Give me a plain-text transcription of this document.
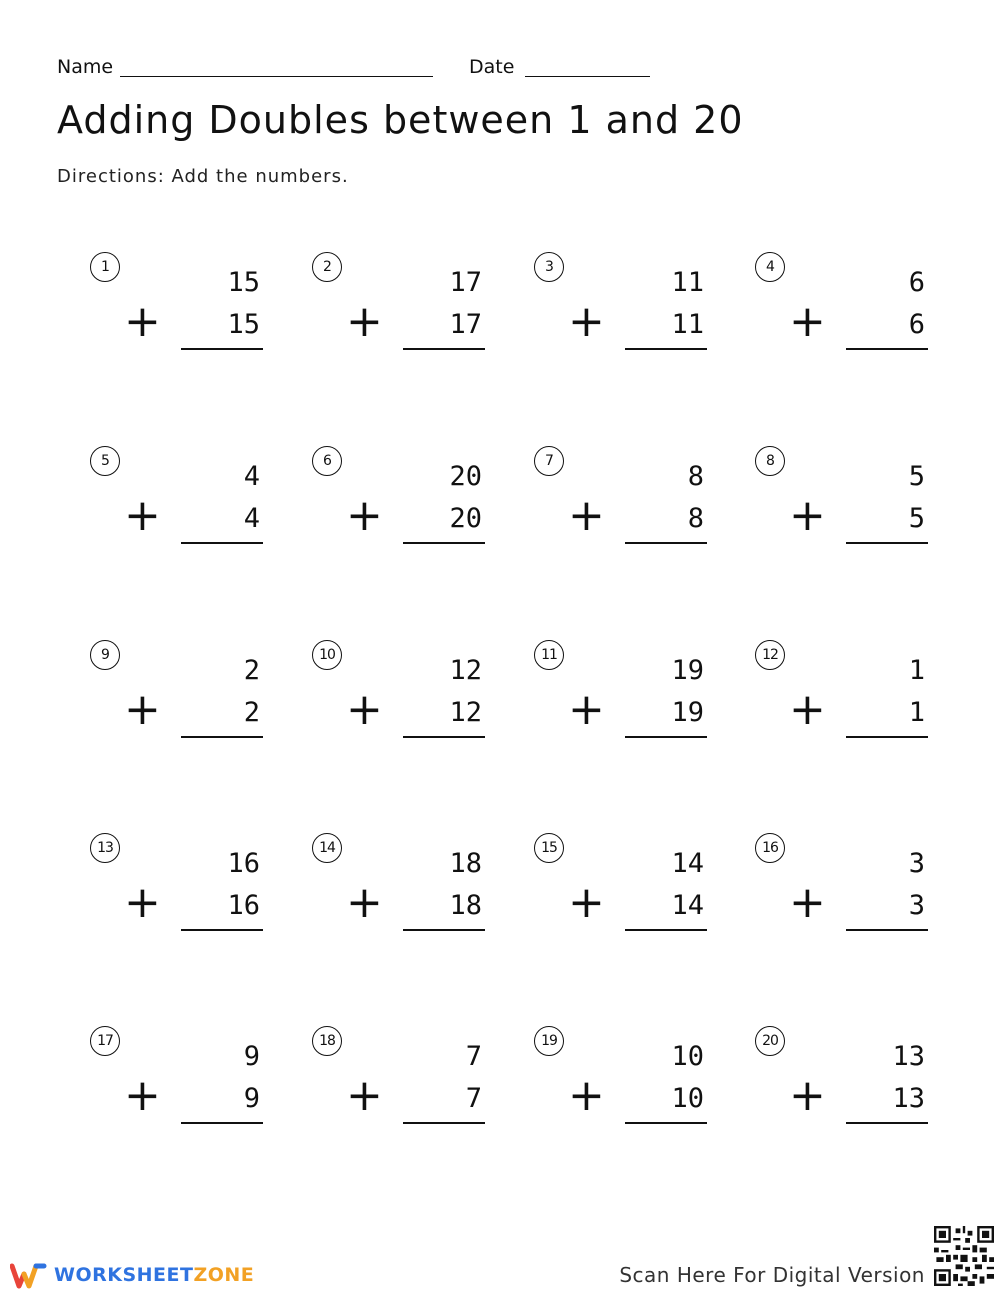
Name	Date
Adding Doubles between 1 and 20
Directions: Add the numbers.
1	15
+	15
2	17
+	17
3	11
+	11
4	6
+	6
5	4
+	4
6	20
+	20
7	8
+	8
8	5
+	5
9	2
+	2
10	12
+	12
11	19
+	19
12	1
+	1
13	16
+	16
14	18
+	18
15	14
+	14
16	3
+	3
17	9
+	9
18	7
+	7
19	10
+	10
20	13
+	13
WORKSHEETZONE	Scan Here For Digital Version
